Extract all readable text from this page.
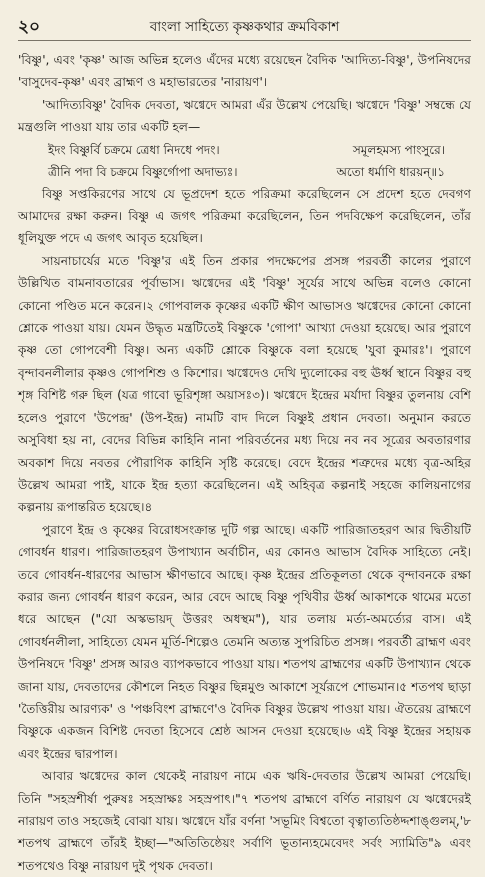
২০	বাংলা সাহিত্যে কৃষ্ণকথার ক্রমবিকাশ

'বিষ্ণু', এবং 'কৃষ্ণ' আজ অভিন্ন হলেও এঁদের মধ্যে রয়েছেন বৈদিক 'আদিত্য-বিষ্ণু', উপনিষদের 'বাসুদেব-কৃষ্ণ' এবং ব্রাহ্মণ ও মহাভারতের 'নারায়ণ'।

'আদিত্যবিষ্ণু' বৈদিক দেবতা, ঋগ্বেদে আমরা এঁর উল্লেখ পেয়েছি। ঋগ্বেদে 'বিষ্ণু' সম্বন্ধে যে মন্ত্রগুলি পাওয়া যায় তার একটি হল—

ইদং বিষ্ণুর্বি চক্রমে ত্রেধা নিদধে পদং।	সমূলহমস্য পাংসুরে।
ত্রীনি পদা বি চক্রমে বিষ্ণুর্গোপা অদাভ্যঃ।	অতো ধর্মাণি ধারয়ন্‌॥১

বিষ্ণু সপ্তকিরণের সাথে যে ভূপ্রদেশ হতে পরিক্রমা করেছিলেন সে প্রদেশ হতে দেবগণ আমাদের রক্ষা করুন। বিষ্ণু এ জগৎ পরিক্রমা করেছিলেন, তিন পদবিক্ষেপ করেছিলেন, তাঁর ধূলিযুক্ত পদে এ জগৎ আবৃত হয়েছিল।

সায়নাচার্যের মতে 'বিষ্ণু'র এই তিন প্রকার পদক্ষেপের প্রসঙ্গ পরবর্তী কালের পুরাণে উল্লিখিত বামনাবতারের পূর্বাভাস। ঋগ্বেদের এই 'বিষ্ণু' সূর্যের সাথে অভিন্ন বলেও কোনো কোনো পণ্ডিত মনে করেন।২ গোপবালক কৃষ্ণের একটি ক্ষীণ আভাসও ঋগ্বেদের কোনো কোনো শ্লোকে পাওয়া যায়। যেমন উদ্ধৃত মন্ত্রটিতেই বিষ্ণুকে 'গোপা' আখ্যা দেওয়া হয়েছে। আর পুরাণে কৃষ্ণ তো গোপবেশী বিষ্ণু। অন্য একটি শ্লোকে বিষ্ণুকে বলা হয়েছে 'যুবা কুমারঃ'। পুরাণে বৃন্দাবনলীলার কৃষ্ণও গোপশিশু ও কিশোর। ঋগ্বেদেও দেখি দ্যুলোকের বহু ঊর্ধ্ব স্থানে বিষ্ণুর বহু শৃঙ্গ বিশিষ্ট গরু ছিল (যত্র গাবো ভূরিশৃঙ্গা অয়াসঃ৩)। ঋগ্বেদে ইন্দ্রের মর্যাদা বিষ্ণুর তুলনায় বেশি হলেও পুরাণে 'উপেন্দ্র' (উপ-ইন্দ্র) নামটি বাদ দিলে বিষ্ণুই প্রধান দেবতা। অনুমান করতে অসুবিধা হয় না, বেদের বিভিন্ন কাহিনি নানা পরিবর্তনের মধ্য দিয়ে নব নব সূত্রের অবতারণার অবকাশ দিয়ে নবতর পৌরাণিক কাহিনি সৃষ্টি করেছে। বেদে ইন্দ্রের শত্রুদের মধ্যে বৃত্র-অহির উল্লেখ আমরা পাই, যাকে ইন্দ্র হত্যা করেছিলেন। এই অহিবৃত্র কল্পনাই সহজে কালিয়নাগের কল্পনায় রূপান্তরিত হয়েছে।৪

পুরাণে ইন্দ্র ও কৃষ্ণের বিরোধসংক্রান্ত দুটি গল্প আছে। একটি পারিজাতহরণ আর দ্বিতীয়টি গোবর্ধন ধারণ। পারিজাতহরণ উপাখ্যান অর্বাচীন, এর কোনও আভাস বৈদিক সাহিত্যে নেই। তবে গোবর্ধন-ধারণের আভাস ক্ষীণভাবে আছে। কৃষ্ণ ইন্দ্রের প্রতিকূলতা থেকে বৃন্দাবনকে রক্ষা করার জন্য গোবর্ধন ধারণ করেন, আর বেদে আছে বিষ্ণু পৃথিবীর ঊর্ধ্ব আকাশকে থামের মতো ধরে আছেন ("যো অস্কভায়দ্ উত্তরং অধস্থম"), যার তলায় মর্ত্য-অমর্ত্যের বাস। এই গোবর্ধনলীলা, সাহিত্যে যেমন মূর্তি-শিল্পেও তেমনি অত্যন্ত সুপরিচিত প্রসঙ্গ। পরবর্তী ব্রাহ্মণ এবং উপনিষদে 'বিষ্ণু' প্রসঙ্গ আরও ব্যাপকভাবে পাওয়া যায়। শতপথ ব্রাহ্মণের একটি উপাখ্যান থেকে জানা যায়, দেবতাদের কৌশলে নিহত বিষ্ণুর ছিন্নমুণ্ড আকাশে সূর্যরূপে শোভমান।৫ শতপথ ছাড়া 'তৈত্তিরীয় আরণ্যক' ও 'পঞ্চবিংশ ব্রাহ্মণে'ও বৈদিক বিষ্ণুর উল্লেখ পাওয়া যায়। ঐতরেয় ব্রাহ্মণে বিষ্ণুকে একজন বিশিষ্ট দেবতা হিসেবে শ্রেষ্ঠ আসন দেওয়া হয়েছে।৬ এই বিষ্ণু ইন্দ্রের সহায়ক এবং ইন্দ্রের দ্বারপাল।

আবার ঋগ্বেদের কাল থেকেই নারায়ণ নামে এক ঋষি-দেবতার উল্লেখ আমরা পেয়েছি। তিনি "সহস্রশীর্ষা পুরুষঃ সহস্রাক্ষঃ সহস্রপাৎ।"৭ শতপথ ব্রাহ্মণে বর্ণিত নারায়ণ যে ঋগ্বেদেরই নারায়ণ তাও সহজেই বোঝা যায়। ঋগ্বেদে যাঁর বর্ণনা 'সভূমিং বিশ্বতো বৃত্বাত্যতিষ্ঠদ্দশাঙ্গুলম্,'৮ শতপথ ব্রাহ্মণে তাঁরই ইচ্ছা—"অতিতিষ্ঠেয়ং সর্বাণি ভূতান্যহমেবেদং সর্বং স্যামিতি"৯ এবং শতপথেও বিষ্ণু নারায়ণ দুই পৃথক দেবতা।
